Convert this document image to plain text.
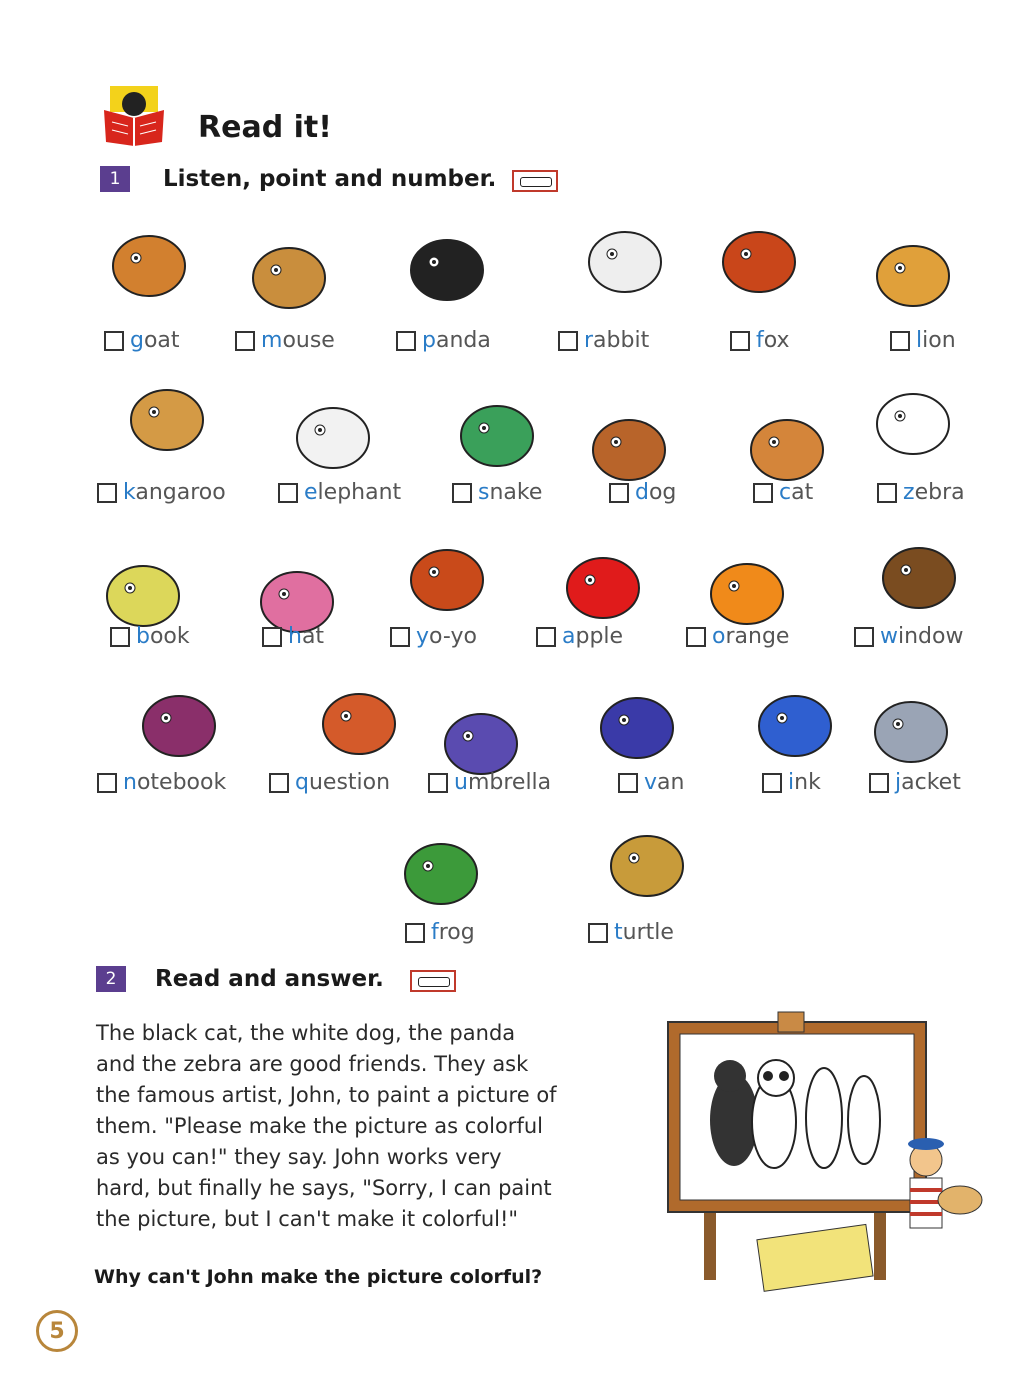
Read it!
1	Listen, point and number.
goat	mouse	panda	rabbit	fox	lion
kangaroo	elephant	snake	dog	cat	zebra
book	hat	yo-yo	apple	orange	window
notebook	question	umbrella	van	ink	jacket
frog	turtle
2	Read and answer.
The black cat, the white dog, the panda
and the zebra are good friends. They ask
the famous artist, John, to paint a picture of
them. "Please make the picture as colorful
as you can!" they say. John works very
hard, but finally he says, "Sorry, I can paint
the picture, but I can't make it colorful!"
Why can't John make the picture colorful?
5
